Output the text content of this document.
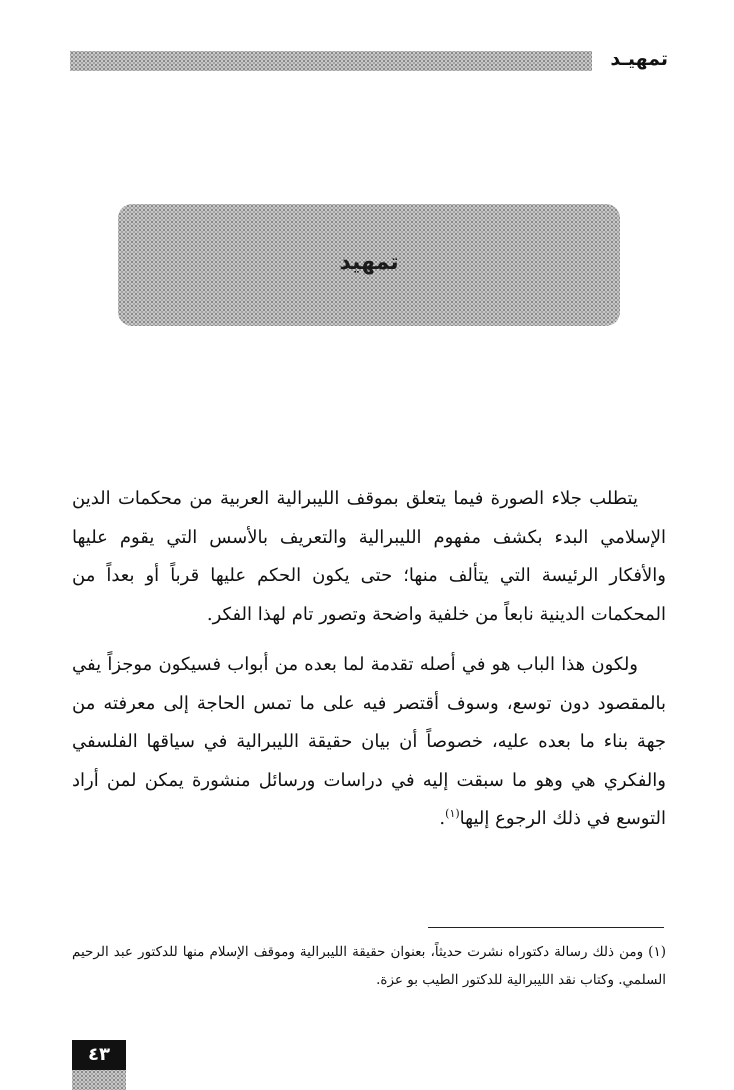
تمهيـد
تمهيد

يتطلب جلاء الصورة فيما يتعلق بموقف الليبرالية العربية من محكمات الدين الإسلامي البدء بكشف مفهوم الليبرالية والتعريف بالأسس التي يقوم عليها والأفكار الرئيسة التي يتألف منها؛ حتى يكون الحكم عليها قرباً أو بعداً من المحكمات الدينية نابعاً من خلفية واضحة وتصور تام لهذا الفكر.

ولكون هذا الباب هو في أصله تقدمة لما بعده من أبواب فسيكون موجزاً يفي بالمقصود دون توسع، وسوف أقتصر فيه على ما تمس الحاجة إلى معرفته من جهة بناء ما بعده عليه، خصوصاً أن بيان حقيقة الليبرالية في سياقها الفلسفي والفكري هي وهو ما سبقت إليه في دراسات ورسائل منشورة يمكن لمن أراد التوسع في ذلك الرجوع إليها$^{(١)}$.

(١) ومن ذلك رسالة دكتوراه نشرت حديثاً، بعنوان حقيقة الليبرالية وموقف الإسلام منها للدكتور عبد الرحيم السلمي. وكتاب نقد الليبرالية للدكتور الطيب بو عزة.

٤٣
